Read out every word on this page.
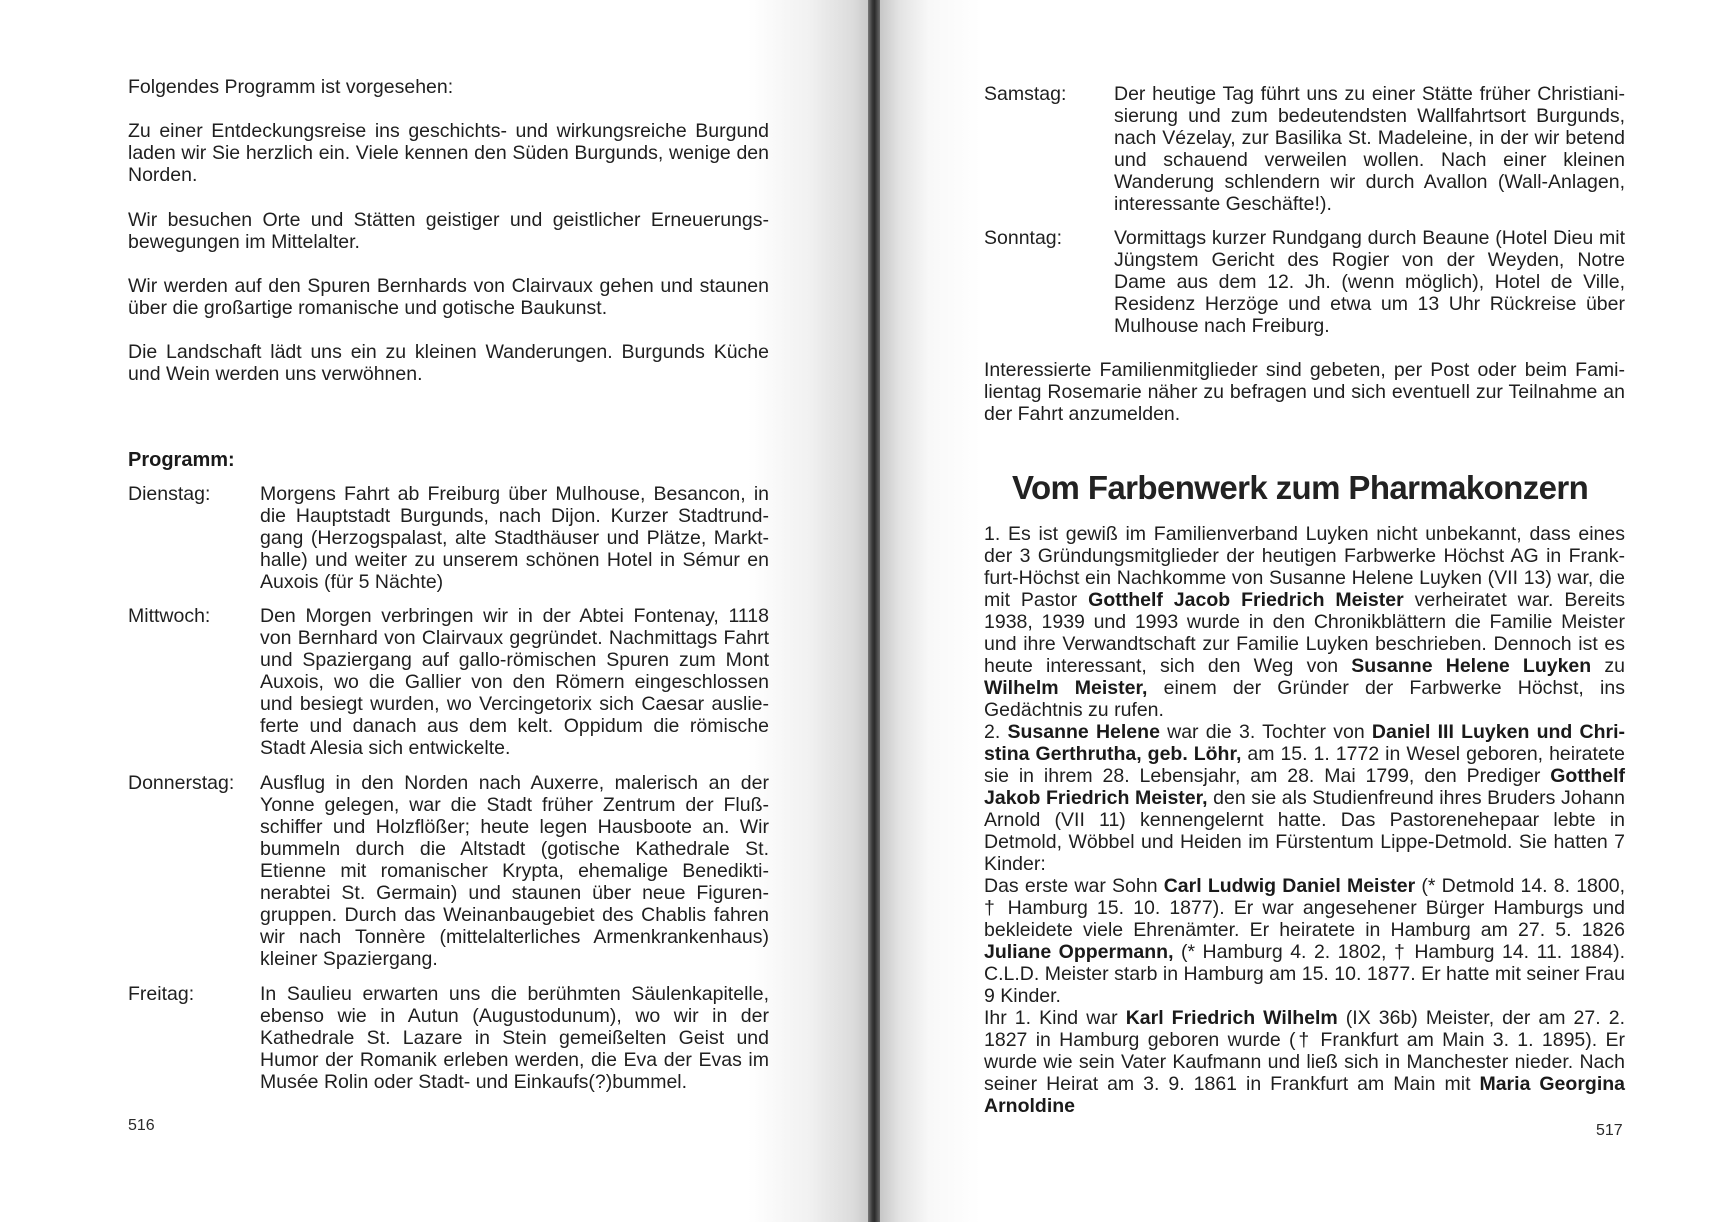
Folgendes Programm ist vorgesehen:

Zu einer Entdeckungsreise ins geschichts- und wirkungsreiche Burgund laden wir Sie herzlich ein. Viele kennen den Süden Burgunds, wenige den Norden.

Wir besuchen Orte und Stätten geistiger und geistlicher Erneuerungs-bewegungen im Mittelalter.

Wir werden auf den Spuren Bernhards von Clairvaux gehen und staunen über die großartige romanische und gotische Baukunst.

Die Landschaft lädt uns ein zu kleinen Wanderungen. Burgunds Küche und Wein werden uns verwöhnen.

Programm:
Dienstag:	Morgens Fahrt ab Freiburg über Mulhouse, Besancon, in die Hauptstadt Burgunds, nach Dijon. Kurzer Stadtrund-gang (Herzogspalast, alte Stadthäuser und Plätze, Markt-halle) und weiter zu unserem schönen Hotel in Sémur en Auxois (für 5 Nächte)

Mittwoch:	Den Morgen verbringen wir in der Abtei Fontenay, 1118 von Bernhard von Clairvaux gegründet. Nachmittags Fahrt und Spaziergang auf gallo-römischen Spuren zum Mont Auxois, wo die Gallier von den Römern eingeschlossen und besiegt wurden, wo Vercingetorix sich Caesar auslie-ferte und danach aus dem kelt. Oppidum die römische Stadt Alesia sich entwickelte.

Donnerstag: Ausflug in den Norden nach Auxerre, malerisch an der Yonne gelegen, war die Stadt früher Zentrum der Fluß-schiffer und Holzflößer; heute legen Hausboote an. Wir bummeln durch die Altstadt (gotische Kathedrale St. Etienne mit romanischer Krypta, ehemalige Benedikti-nerabtei St. Germain) und staunen über neue Figuren-gruppen. Durch das Weinanbaugebiet des Chablis fahren wir nach Tonnère (mittelalterliches Armenkrankenhaus) kleiner Spaziergang.

Freitag:	In Saulieu erwarten uns die berühmten Säulenkapitelle, ebenso wie in Autun (Augustodunum), wo wir in der Kathedrale St. Lazare in Stein gemeißelten Geist und Humor der Romanik erleben werden, die Eva der Evas im Musée Rolin oder Stadt- und Einkaufs(?)bummel.

516
Samstag: Der heutige Tag führt uns zu einer Stätte früher Christiani-sierung und zum bedeutendsten Wallfahrtsort Burgunds, nach Vézelay, zur Basilika St. Madeleine, in der wir betend und schauend verweilen wollen. Nach einer kleinen Wanderung schlendern wir durch Avallon (Wall-Anlagen, interessante Geschäfte!).

Sonntag:	Vormittags kurzer Rundgang durch Beaune (Hotel Dieu mit Jüngstem Gericht des Rogier von der Weyden, Notre Dame aus dem 12. Jh. (wenn möglich), Hotel de Ville, Residenz Herzöge und etwa um 13 Uhr Rückreise über Mulhouse nach Freiburg.

Interessierte Familienmitglieder sind gebeten, per Post oder beim Fami-lientag Rosemarie näher zu befragen und sich eventuell zur Teilnahme an der Fahrt anzumelden.

Vom Farbenwerk zum Pharmakonzern

1. Es ist gewiß im Familienverband Luyken nicht unbekannt, dass eines der 3 Gründungsmitglieder der heutigen Farbwerke Höchst AG in Frank-furt-Höchst ein Nachkomme von Susanne Helene Luyken (VII 13) war, die mit Pastor Gotthelf Jacob Friedrich Meister verheiratet war. Bereits 1938, 1939 und 1993 wurde in den Chronikblättern die Familie Meister und ihre Verwandtschaft zur Familie Luyken beschrieben. Dennoch ist es heute interessant, sich den Weg von Susanne Helene Luyken zu Wilhelm Meister, einem der Gründer der Farbwerke Höchst, ins Gedächtnis zu rufen.

2. Susanne Helene war die 3. Tochter von Daniel III Luyken und Chri-stina Gerthrutha, geb. Löhr, am 15. 1. 1772 in Wesel geboren, heiratete sie in ihrem 28. Lebensjahr, am 28. Mai 1799, den Prediger Gotthelf Jakob Friedrich Meister, den sie als Studienfreund ihres Bruders Johann Arnold (VII 11) kennengelernt hatte. Das Pastorenehepaar lebte in Detmold, Wöbbel und Heiden im Fürstentum Lippe-Detmold. Sie hatten 7 Kinder:

Das erste war Sohn Carl Ludwig Daniel Meister (* Detmold 14. 8. 1800, † Hamburg 15. 10. 1877). Er war angesehener Bürger Hamburgs und bekleidete viele Ehrenämter. Er heiratete in Hamburg am 27. 5. 1826 Juliane Oppermann, (* Hamburg 4. 2. 1802, † Hamburg 14. 11. 1884). C.L.D. Meister starb in Hamburg am 15. 10. 1877. Er hatte mit seiner Frau 9 Kinder.

Ihr 1. Kind war Karl Friedrich Wilhelm (IX 36b) Meister, der am 27. 2. 1827 in Hamburg geboren wurde († Frankfurt am Main 3. 1. 1895). Er wurde wie sein Vater Kaufmann und ließ sich in Manchester nieder. Nach seiner Heirat am 3. 9. 1861 in Frankfurt am Main mit Maria Georgina Arnoldine

517
